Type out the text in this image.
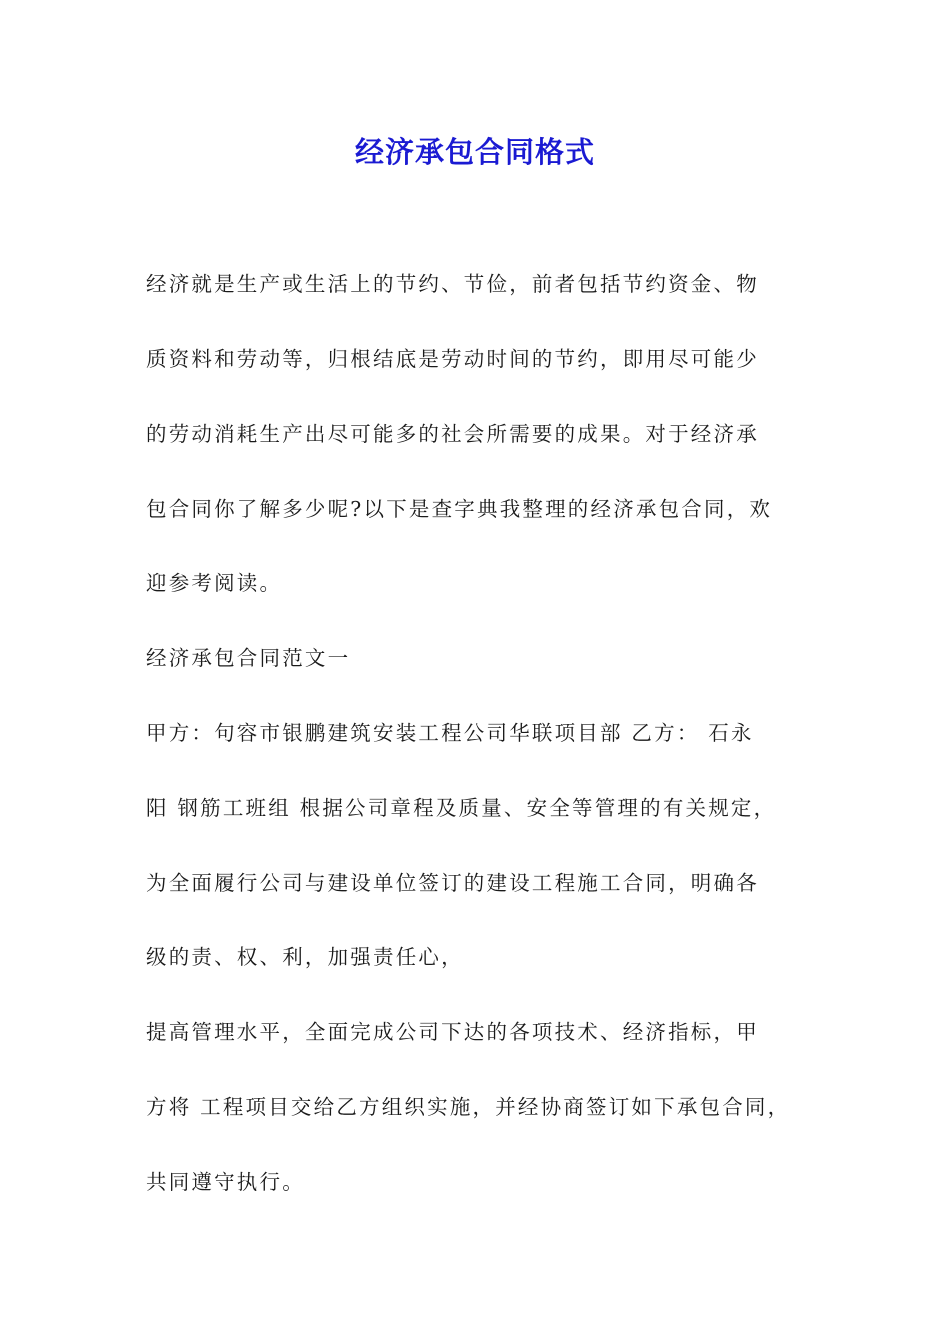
经济承包合同格式
经济就是生产或生活上的节约、节俭，前者包括节约资金、物
质资料和劳动等，归根结底是劳动时间的节约，即用尽可能少
的劳动消耗生产出尽可能多的社会所需要的成果。对于经济承
包合同你了解多少呢?以下是查字典我整理的经济承包合同，欢
迎参考阅读。
经济承包合同范文一
甲方：句容市银鹏建筑安装工程公司华联项目部 乙方： 石永
阳 钢筋工班组 根据公司章程及质量、安全等管理的有关规定，
为全面履行公司与建设单位签订的建设工程施工合同，明确各
级的责、权、利，加强责任心，
提高管理水平，全面完成公司下达的各项技术、经济指标，甲
方将 工程项目交给乙方组织实施，并经协商签订如下承包合同，
共同遵守执行。
